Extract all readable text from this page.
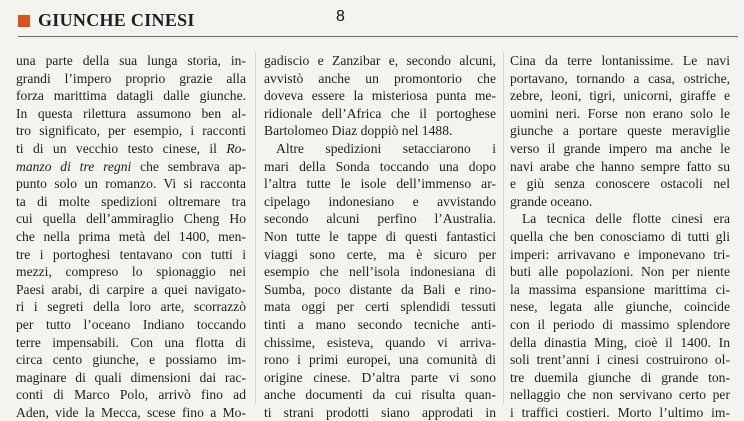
GIUNCHE CINESI	8
una parte della sua lunga storia, in-
grandi l’impero proprio grazie alla
forza marittima datagli dalle giunche.
In questa rilettura assumono ben al-
tro significato, per esempio, i racconti
ti di un vecchio testo cinese, il Ro-
manzo di tre regni che sembrava ap-
punto solo un romanzo. Vi si racconta
ta di molte spedizioni oltremare tra
cui quella dell’ammiraglio Cheng Ho
che nella prima metà del 1400, men-
tre i portoghesi tentavano con tutti i
mezzi, compreso lo spionaggio nei
Paesi arabi, di carpire a quei navigato-
ri i segreti della loro arte, scorrazzò
per tutto l’oceano Indiano toccando
terre impensabili. Con una flotta di
circa cento giunche, e possiamo im-
maginare di quali dimensioni dai rac-
conti di Marco Polo, arrivò fino ad
Aden, vide la Mecca, scese fino a Mo-
gadiscio e Zanzibar e, secondo alcuni,
avvistò anche un promontorio che
doveva essere la misteriosa punta me-
ridionale dell’Africa che il portoghese
Bartolomeo Diaz doppiò nel 1488.
Altre spedizioni setacciarono i
mari della Sonda toccando una dopo
l’altra tutte le isole dell’immenso ar-
cipelago indonesiano e avvistando
secondo alcuni perfino l’Australia.
Non tutte le tappe di questi fantastici
viaggi sono certe, ma è sicuro per
esempio che nell’isola indonesiana di
Sumba, poco distante da Bali e rino-
mata oggi per certi splendidi tessuti
tinti a mano secondo tecniche anti-
chissime, esisteva, quando vi arriva-
rono i primi europei, una comunità di
origine cinese. D’altra parte vi sono
anche documenti da cui risulta quan-
ti strani prodotti siano approdati in
Cina da terre lontanissime. Le navi
portavano, tornando a casa, ostriche,
zebre, leoni, tigri, unicorni, giraffe e
uomini neri. Forse non erano solo le
giunche a portare queste meraviglie
verso il grande impero ma anche le
navi arabe che hanno sempre fatto su
e giù senza conoscere ostacoli nel
grande oceano.
La tecnica delle flotte cinesi era
quella che ben conosciamo di tutti gli
imperi: arrivavano e imponevano tri-
buti alle popolazioni. Non per niente
la massima espansione marittima ci-
nese, legata alle giunche, coincide
con il periodo di massimo splendore
della dinastia Ming, cioè il 1400. In
soli trent’anni i cinesi costruirono ol-
tre duemila giunche di grande ton-
nellaggio che non servivano certo per
i traffici costieri. Morto l’ultimo im-
